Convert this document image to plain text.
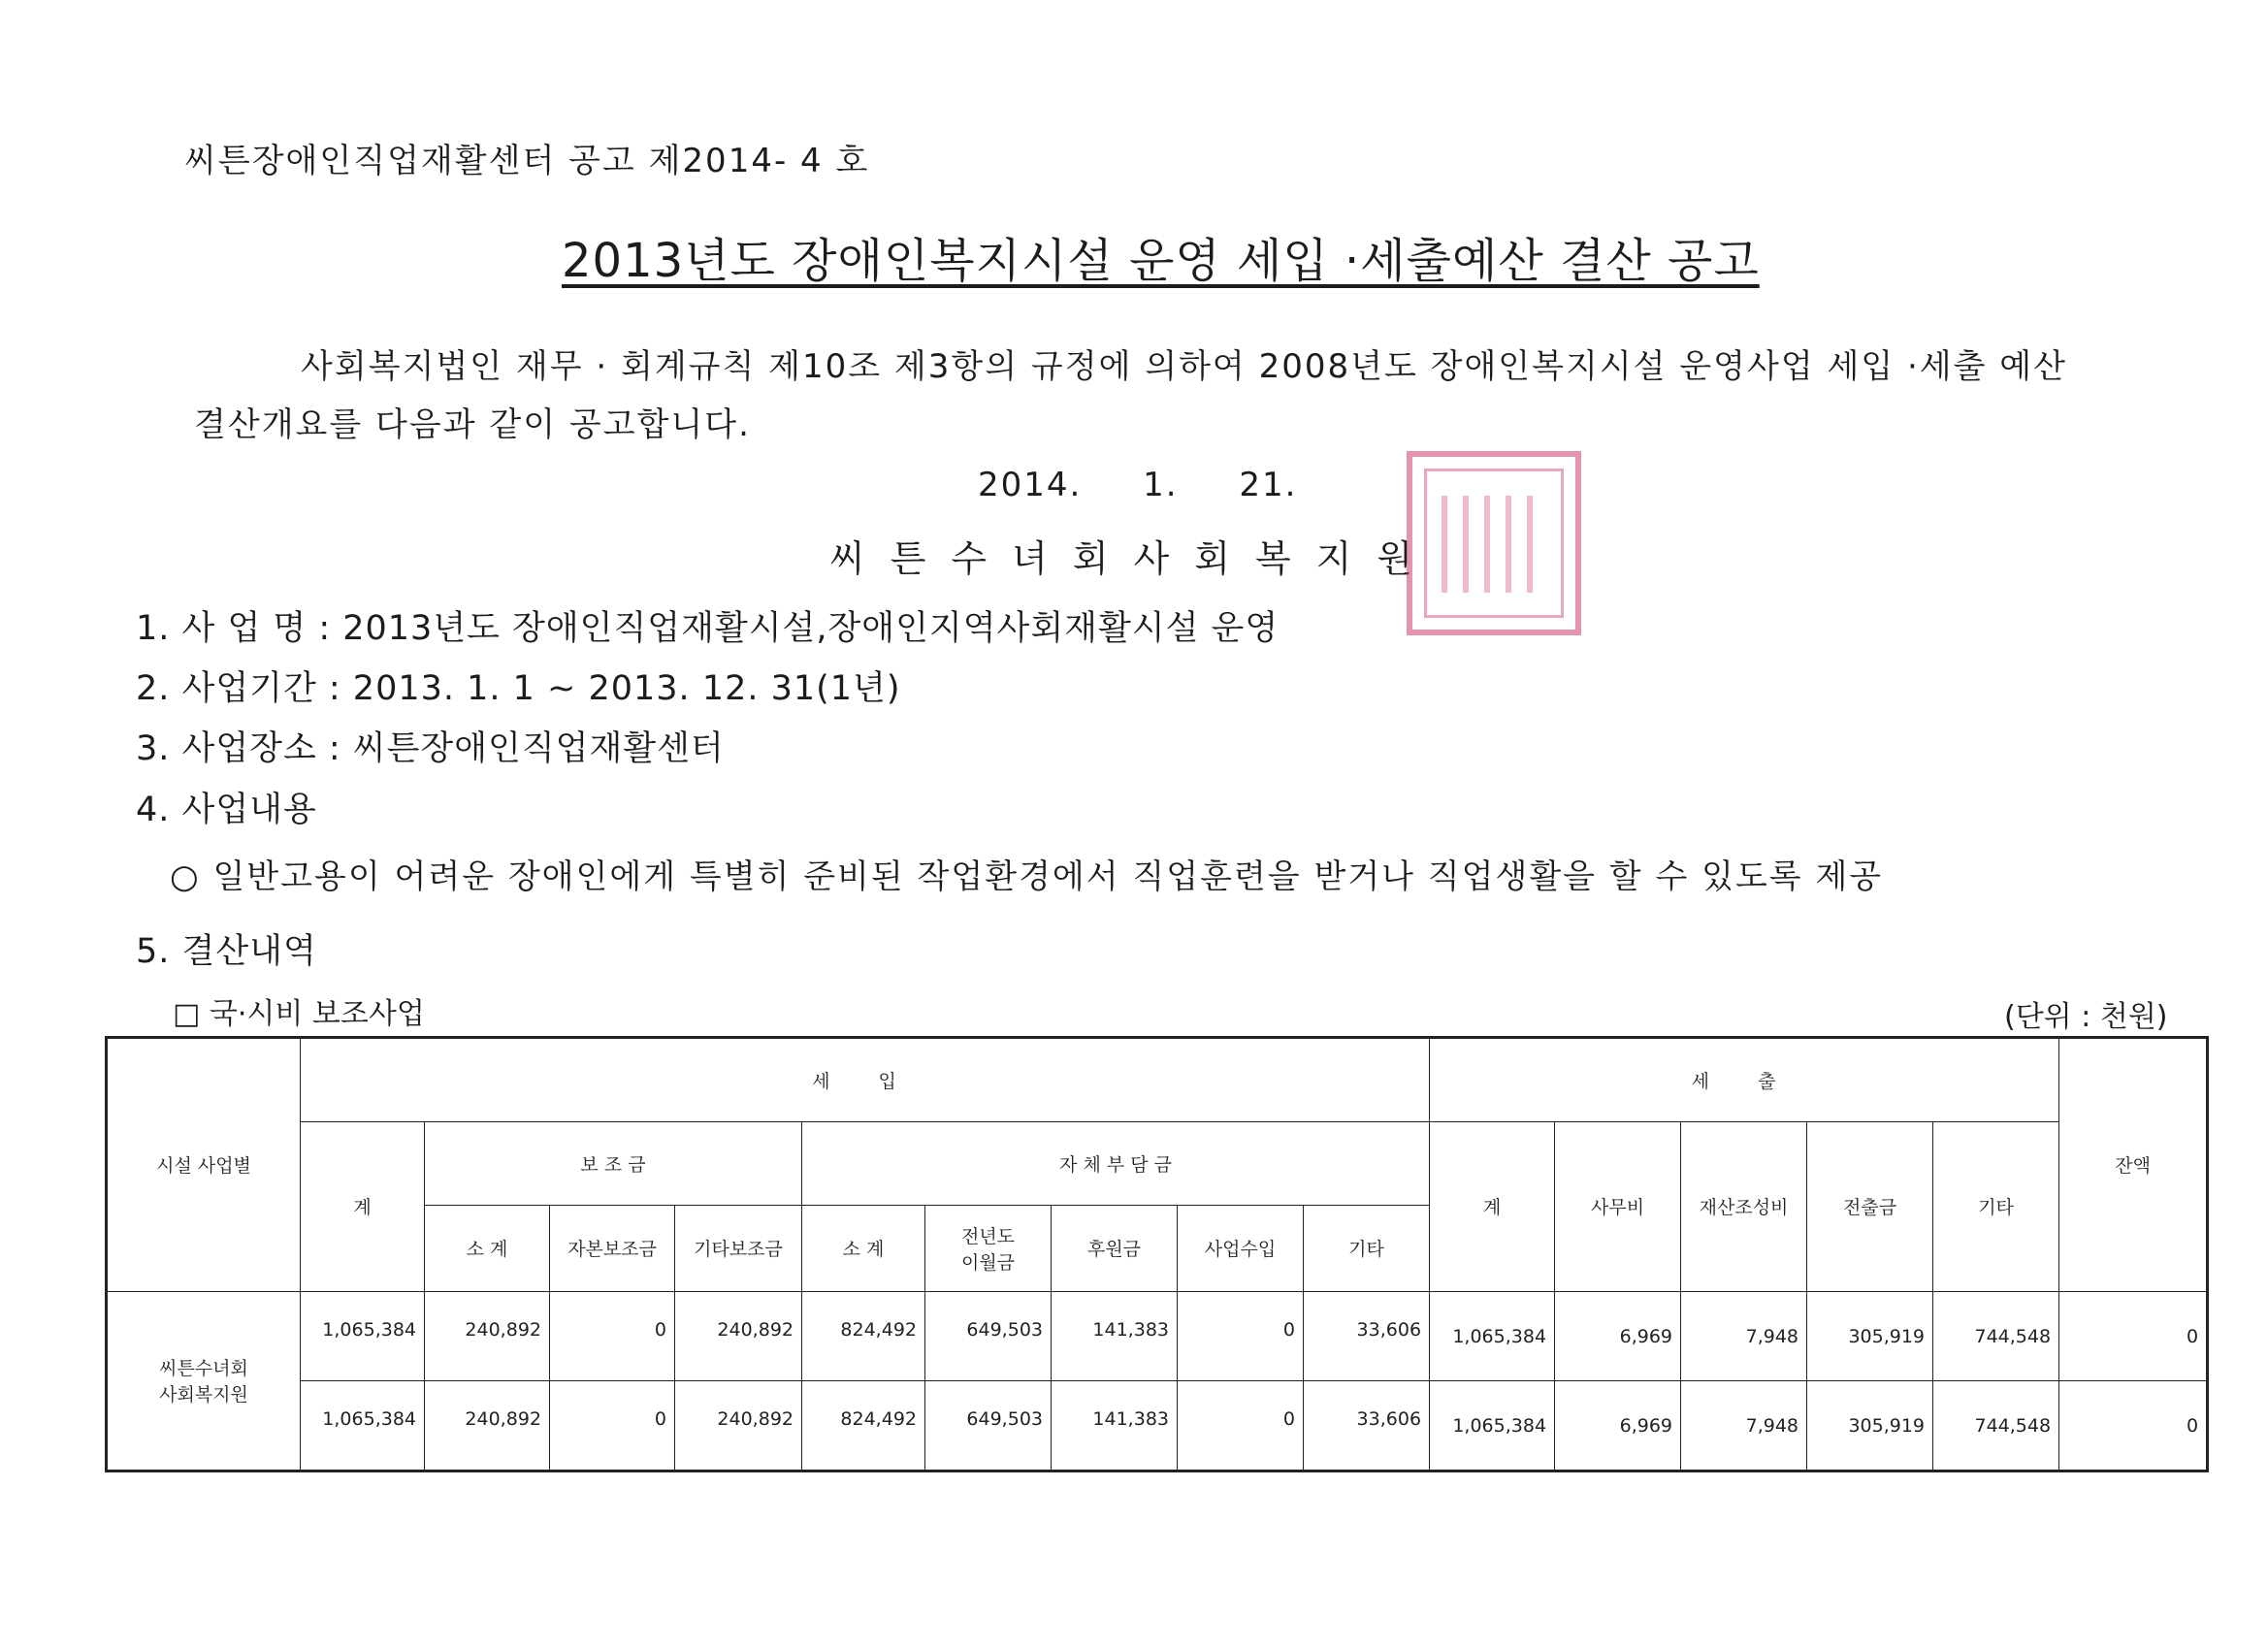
씨튼장애인직업재활센터 공고 제2014- 4 호
2013년도 장애인복지시설 운영 세입 ·세출예산 결산 공고
사회복지법인 재무 · 회계규칙 제10조 제3항의 규정에 의하여 2008년도 장애인복지시설 운영사업 세입 ·세출 예산
결산개요를 다음과 같이 공고합니다.
2014. 1. 21.
씨튼수녀회사회복지원
1. 사 업 명 : 2013년도 장애인직업재활시설,장애인지역사회재활시설 운영
2. 사업기간 : 2013. 1. 1 ~ 2013. 12. 31(1년)
3. 사업장소 : 씨튼장애인직업재활센터
4. 사업내용
○ 일반고용이 어려운 장애인에게 특별히 준비된 작업환경에서 직업훈련을 받거나 직업생활을 할 수 있도록 제공
5. 결산내역
□ 국·시비 보조사업	(단위 : 천원)
시설 사업별	세 입									세 출					잔액
	계	보 조 금			자 체 부 담 금					계	사무비	재산조성비	전출금	기타	
		소 계	자본보조금	기타보조금	소 계	전년도
이월금	후원금	사업수입	기타						

씨튼수녀회
사회복지원	1,065,384	240,892	0	240,892	824,492	649,503	141,383	0	33,606	1,065,384	6,969	7,948	305,919	744,548	0
	1,065,384	240,892	0	240,892	824,492	649,503	141,383	0	33,606	1,065,384	6,969	7,948	305,919	744,548	0
